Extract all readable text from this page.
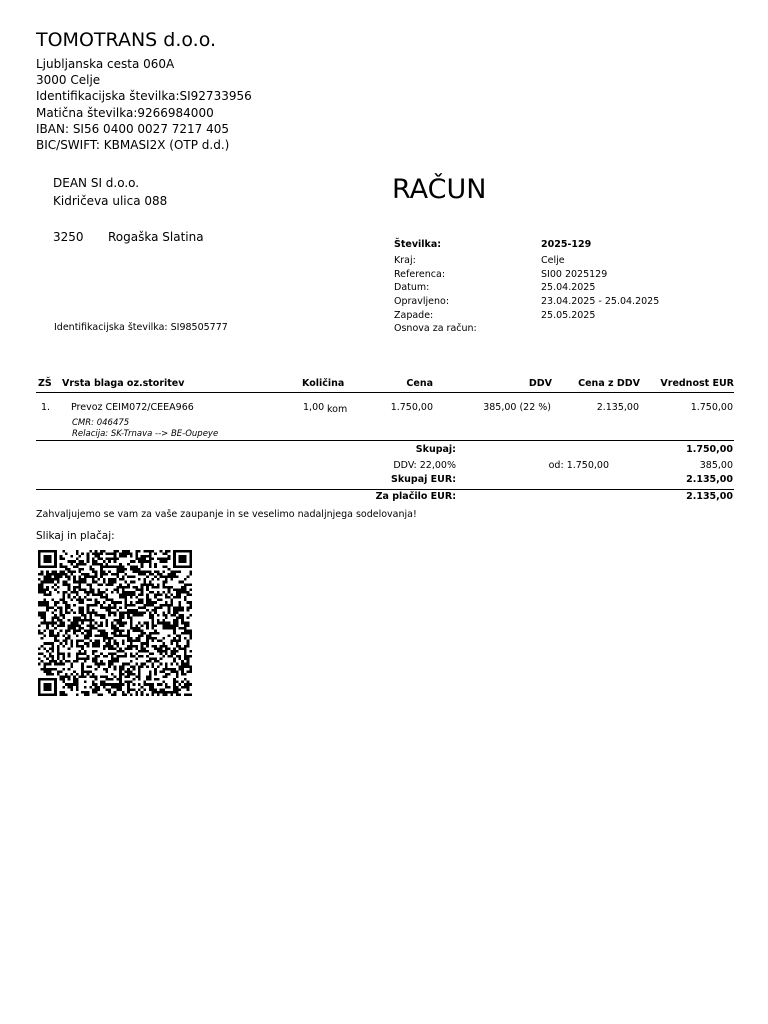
TOMOTRANS d.o.o.
Ljubljanska cesta 060A
3000 Celje
Identifikacijska številka:SI92733956
Matična številka:9266984000
IBAN: SI56 0400 0027 7217 405
BIC/SWIFT: KBMASI2X (OTP d.d.)
DEAN SI d.o.o.
Kidričeva ulica 088
3250 Rogaška Slatina
Identifikacijska številka: SI98505777
RAČUN
Številka:	2025-129
Kraj:	Celje
Referenca:	SI00 2025129
Datum:	25.04.2025
Opravljeno:	23.04.2025 - 25.04.2025
Zapade:	25.05.2025
Osnova za račun:
ZŠ Vrsta blaga oz.storitev	Količina	Cena	DDV	Cena z DDV	Vrednost EUR
1. Prevoz CEIM072/CEEA966	1,00 kom	1.750,00	385,00 (22 %)	2.135,00	1.750,00
CMR: 046475
Relacija: SK-Trnava --> BE-Oupeye
Skupaj:	1.750,00
DDV: 22,00%	od: 1.750,00	385,00
Skupaj EUR:	2.135,00
Za plačilo EUR:	2.135,00
Zahvaljujemo se vam za vaše zaupanje in se veselimo nadaljnjega sodelovanja!
Slikaj in plačaj:
